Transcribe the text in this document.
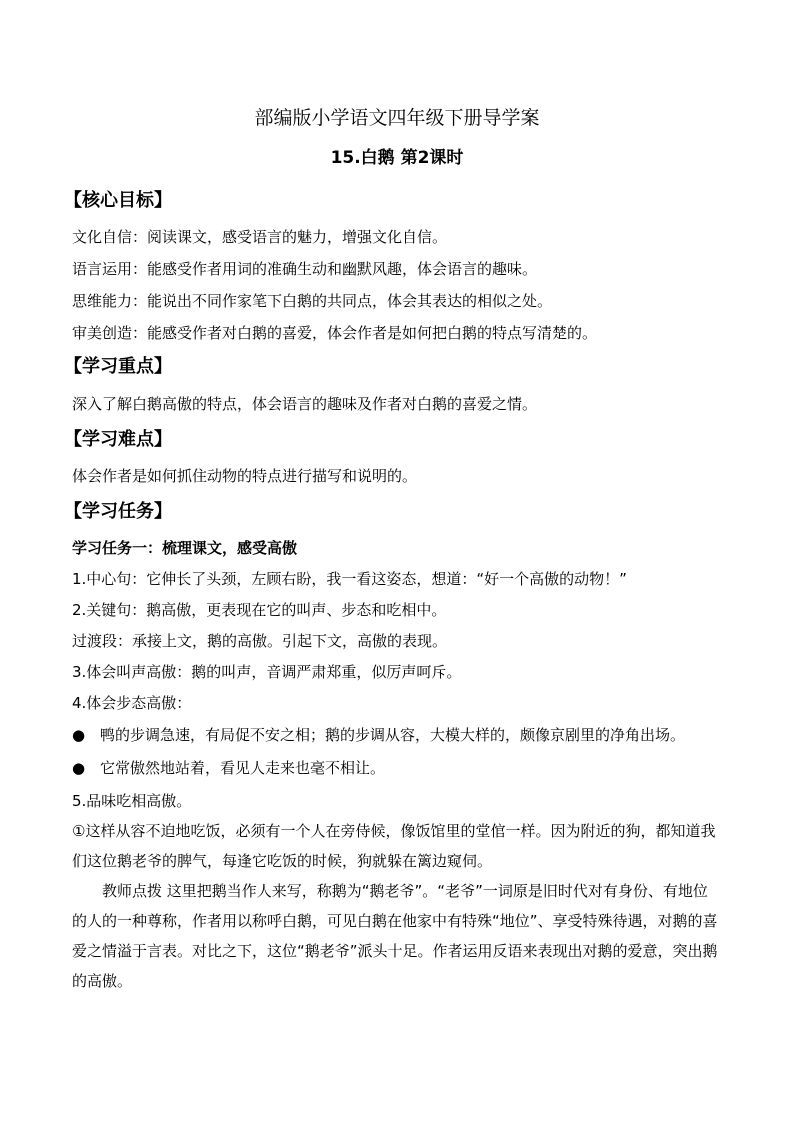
部编版小学语文四年级下册导学案
15.白鹅 第2课时
【核心目标】
文化自信：阅读课文，感受语言的魅力，增强文化自信。
语言运用：能感受作者用词的准确生动和幽默风趣，体会语言的趣味。
思维能力：能说出不同作家笔下白鹅的共同点，体会其表达的相似之处。
审美创造：能感受作者对白鹅的喜爱，体会作者是如何把白鹅的特点写清楚的。
【学习重点】
深入了解白鹅高傲的特点，体会语言的趣味及作者对白鹅的喜爱之情。
【学习难点】
体会作者是如何抓住动物的特点进行描写和说明的。
【学习任务】
学习任务一：梳理课文，感受高傲
1.中心句：它伸长了头颈，左顾右盼，我一看这姿态，想道：“好一个高傲的动物！”
2.关键句：鹅高傲，更表现在它的叫声、步态和吃相中。
过渡段：承接上文，鹅的高傲。引起下文，高傲的表现。
3.体会叫声高傲：鹅的叫声，音调严肃郑重，似厉声呵斥。
4.体会步态高傲：
● 鸭的步调急速，有局促不安之相；鹅的步调从容，大模大样的，颇像京剧里的净角出场。
● 它常傲然地站着，看见人走来也毫不相让。
5.品味吃相高傲。
①这样从容不迫地吃饭，必须有一个人在旁侍候，像饭馆里的堂倌一样。因为附近的狗，都知道我们这位鹅老爷的脾气，每逢它吃饭的时候，狗就躲在篱边窥伺。
教师点拨 这里把鹅当作人来写，称鹅为“鹅老爷”。“老爷”一词原是旧时代对有身份、有地位的人的一种尊称，作者用以称呼白鹅，可见白鹅在他家中有特殊“地位”、享受特殊待遇，对鹅的喜爱之情溢于言表。对比之下，这位“鹅老爷”派头十足。作者运用反语来表现出对鹅的爱意，突出鹅的高傲。
